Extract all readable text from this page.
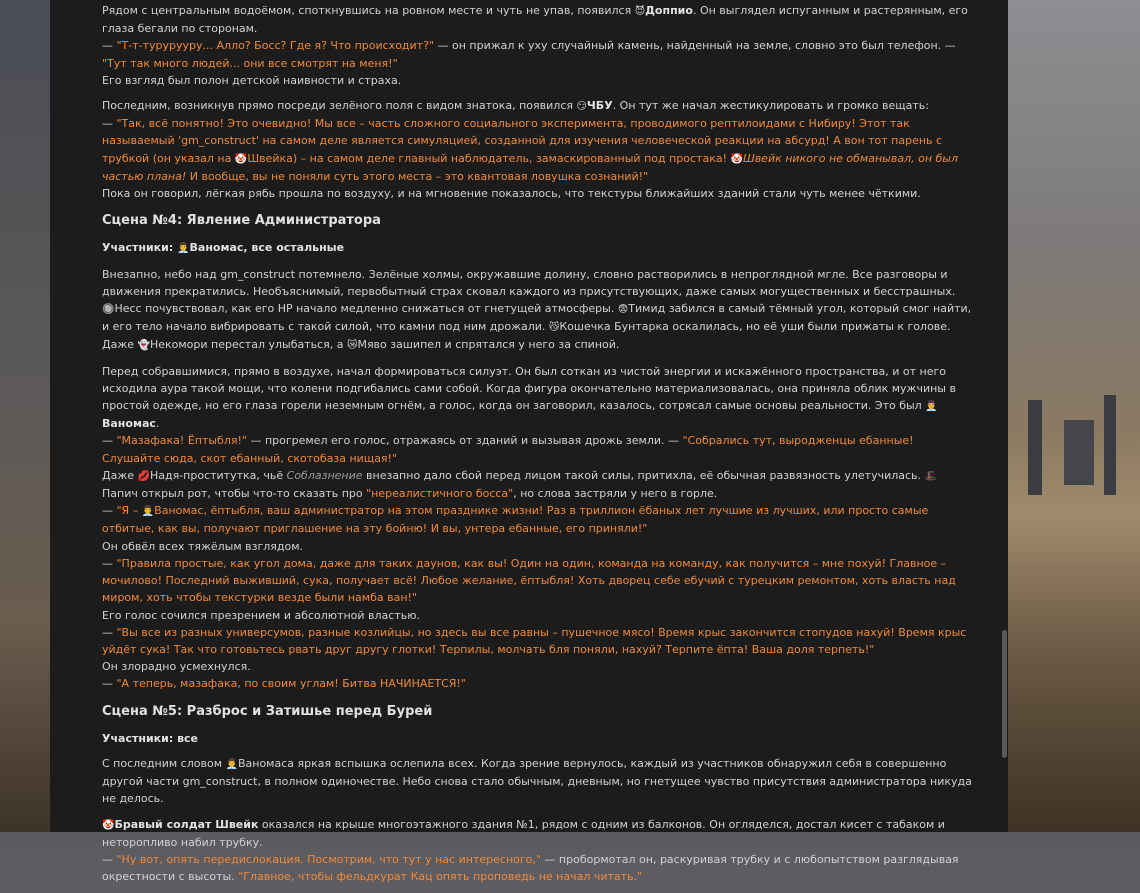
Рядом с центральным водоёмом, споткнувшись на ровном месте и чуть не упав, появился 😈Доппио. Он выглядел испуганным и растерянным, его глаза бегали по сторонам.
— "Т-т-турурууру... Алло? Босс? Где я? Что происходит?" — он прижал к уху случайный камень, найденный на земле, словно это был телефон. — "Тут так много людей... они все смотрят на меня!"
Его взгляд был полон детской наивности и страха.

Последним, возникнув прямо посреди зелёного поля с видом знатока, появился 😏ЧБУ. Он тут же начал жестикулировать и громко вещать:
— "Так, всё понятно! Это очевидно! Мы все – часть сложного социального эксперимента, проводимого рептилоидами с Нибиру! Этот так называемый 'gm_construct' на самом деле является симуляцией, созданной для изучения человеческой реакции на абсурд! А вон тот парень с трубкой (он указал на 🤡Швейка) – на самом деле главный наблюдатель, замаскированный под простака! 🤡Швейк никого не обманывал, он был частью плана! И вообще, вы не поняли суть этого места – это квантовая ловушка сознаний!"
Пока он говорил, лёгкая рябь прошла по воздуху, и на мгновение показалось, что текстуры ближайших зданий стали чуть менее чёткими.

Сцена №4: Явление Администратора

Участники: 👨‍💼Ваномас, все остальные

Внезапно, небо над gm_construct потемнело. Зелёные холмы, окружавшие долину, словно растворились в непроглядной мгле. Все разговоры и движения прекратились. Необъяснимый, первобытный страх сковал каждого из присутствующих, даже самых могущественных и бесстрашных. 🔘Несс почувствовал, как его HP начало медленно снижаться от гнетущей атмосферы. 😨Тимид забился в самый тёмный угол, который смог найти, и его тело начало вибрировать с такой силой, что камни под ним дрожали. 😼Кошечка Бунтарка оскалилась, но её уши были прижаты к голове. Даже 👻Некомори перестал улыбаться, а 😿Мяво зашипел и спрятался у него за спиной.

Перед собравшимися, прямо в воздухе, начал формироваться силуэт. Он был соткан из чистой энергии и искажённого пространства, и от него исходила аура такой мощи, что колени подгибались сами собой. Когда фигура окончательно материализовалась, она приняла облик мужчины в простой одежде, но его глаза горели неземным огнём, а голос, когда он заговорил, казалось, сотрясал самые основы реальности. Это был 👨‍💼Ваномас.
— "Мазафака! Ёптыбля!" — прогремел его голос, отражаясь от зданий и вызывая дрожь земли. — "Собрались тут, выродженцы ебанные! Слушайте сюда, скот ебанный, скотобаза нищая!"
Даже 💋Надя-проститутка, чьё Соблазнение внезапно дало сбой перед лицом такой силы, притихла, её обычная развязность улетучилась. 🎩Папич открыл рот, чтобы что-то сказать про "нереалистичного босса", но слова застряли у него в горле.
— "Я – 👨‍💼Ваномас, ёптыбля, ваш администратор на этом празднике жизни! Раз в триллион ёбаных лет лучшие из лучших, или просто самые отбитые, как вы, получают приглашение на эту бойню! И вы, унтера ебанные, его приняли!"
Он обвёл всех тяжёлым взглядом.
— "Правила простые, как угол дома, даже для таких даунов, как вы! Один на один, команда на команду, как получится – мне похуй! Главное – мочилово! Последний выживший, сука, получает всё! Любое желание, ёптыбля! Хоть дворец себе ебучий с турецким ремонтом, хоть власть над миром, хоть чтобы текстурки везде были намба ван!"
Его голос сочился презрением и абсолютной властью.
— "Вы все из разных универсумов, разные козлийцы, но здесь вы все равны – пушечное мясо! Время крыс закончится стопудов нахуй! Время крыс уйдёт сука! Так что готовьтесь рвать друг другу глотки! Терпилы, молчать бля поняли, нахуй? Терпите ёпта! Ваша доля терпеть!"
Он злорадно усмехнулся.
— "А теперь, мазафака, по своим углам! Битва НАЧИНАЕТСЯ!"

Сцена №5: Разброс и Затишье перед Бурей

Участники: все

С последним словом 👨‍💼Ваномаса яркая вспышка ослепила всех. Когда зрение вернулось, каждый из участников обнаружил себя в совершенно другой части gm_construct, в полном одиночестве. Небо снова стало обычным, дневным, но гнетущее чувство присутствия администратора никуда не делось.

🤡Бравый солдат Швейк оказался на крыше многоэтажного здания №1, рядом с одним из балконов. Он огляделся, достал кисет с табаком и неторопливо набил трубку.
— "Ну вот, опять передислокация. Посмотрим, что тут у нас интересного," — пробормотал он, раскуривая трубку и с любопытством разглядывая окрестности с высоты. "Главное, чтобы фельдкурат Кац опять проповедь не начал читать."
